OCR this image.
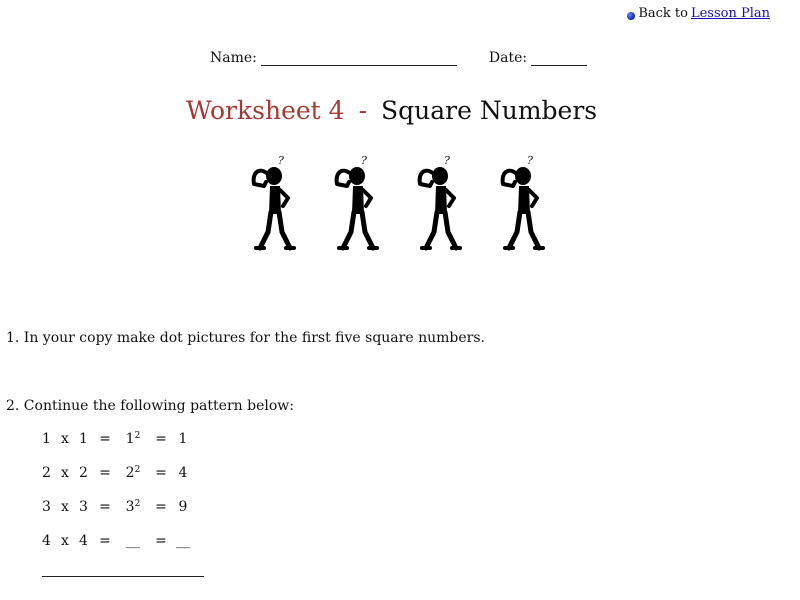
Back to Lesson Plan
Name:	Date:
Worksheet 4 - Square Numbers
?	?	?	?
1. In your copy make dot pictures for the first five square numbers.
2. Continue the following pattern below:
1 x 1 =	$1^2$	= 1
2 x 2 =	$2^2$	= 4
3 x 3 =	$3^2$	= 9
4 x 4 =	__	= __
